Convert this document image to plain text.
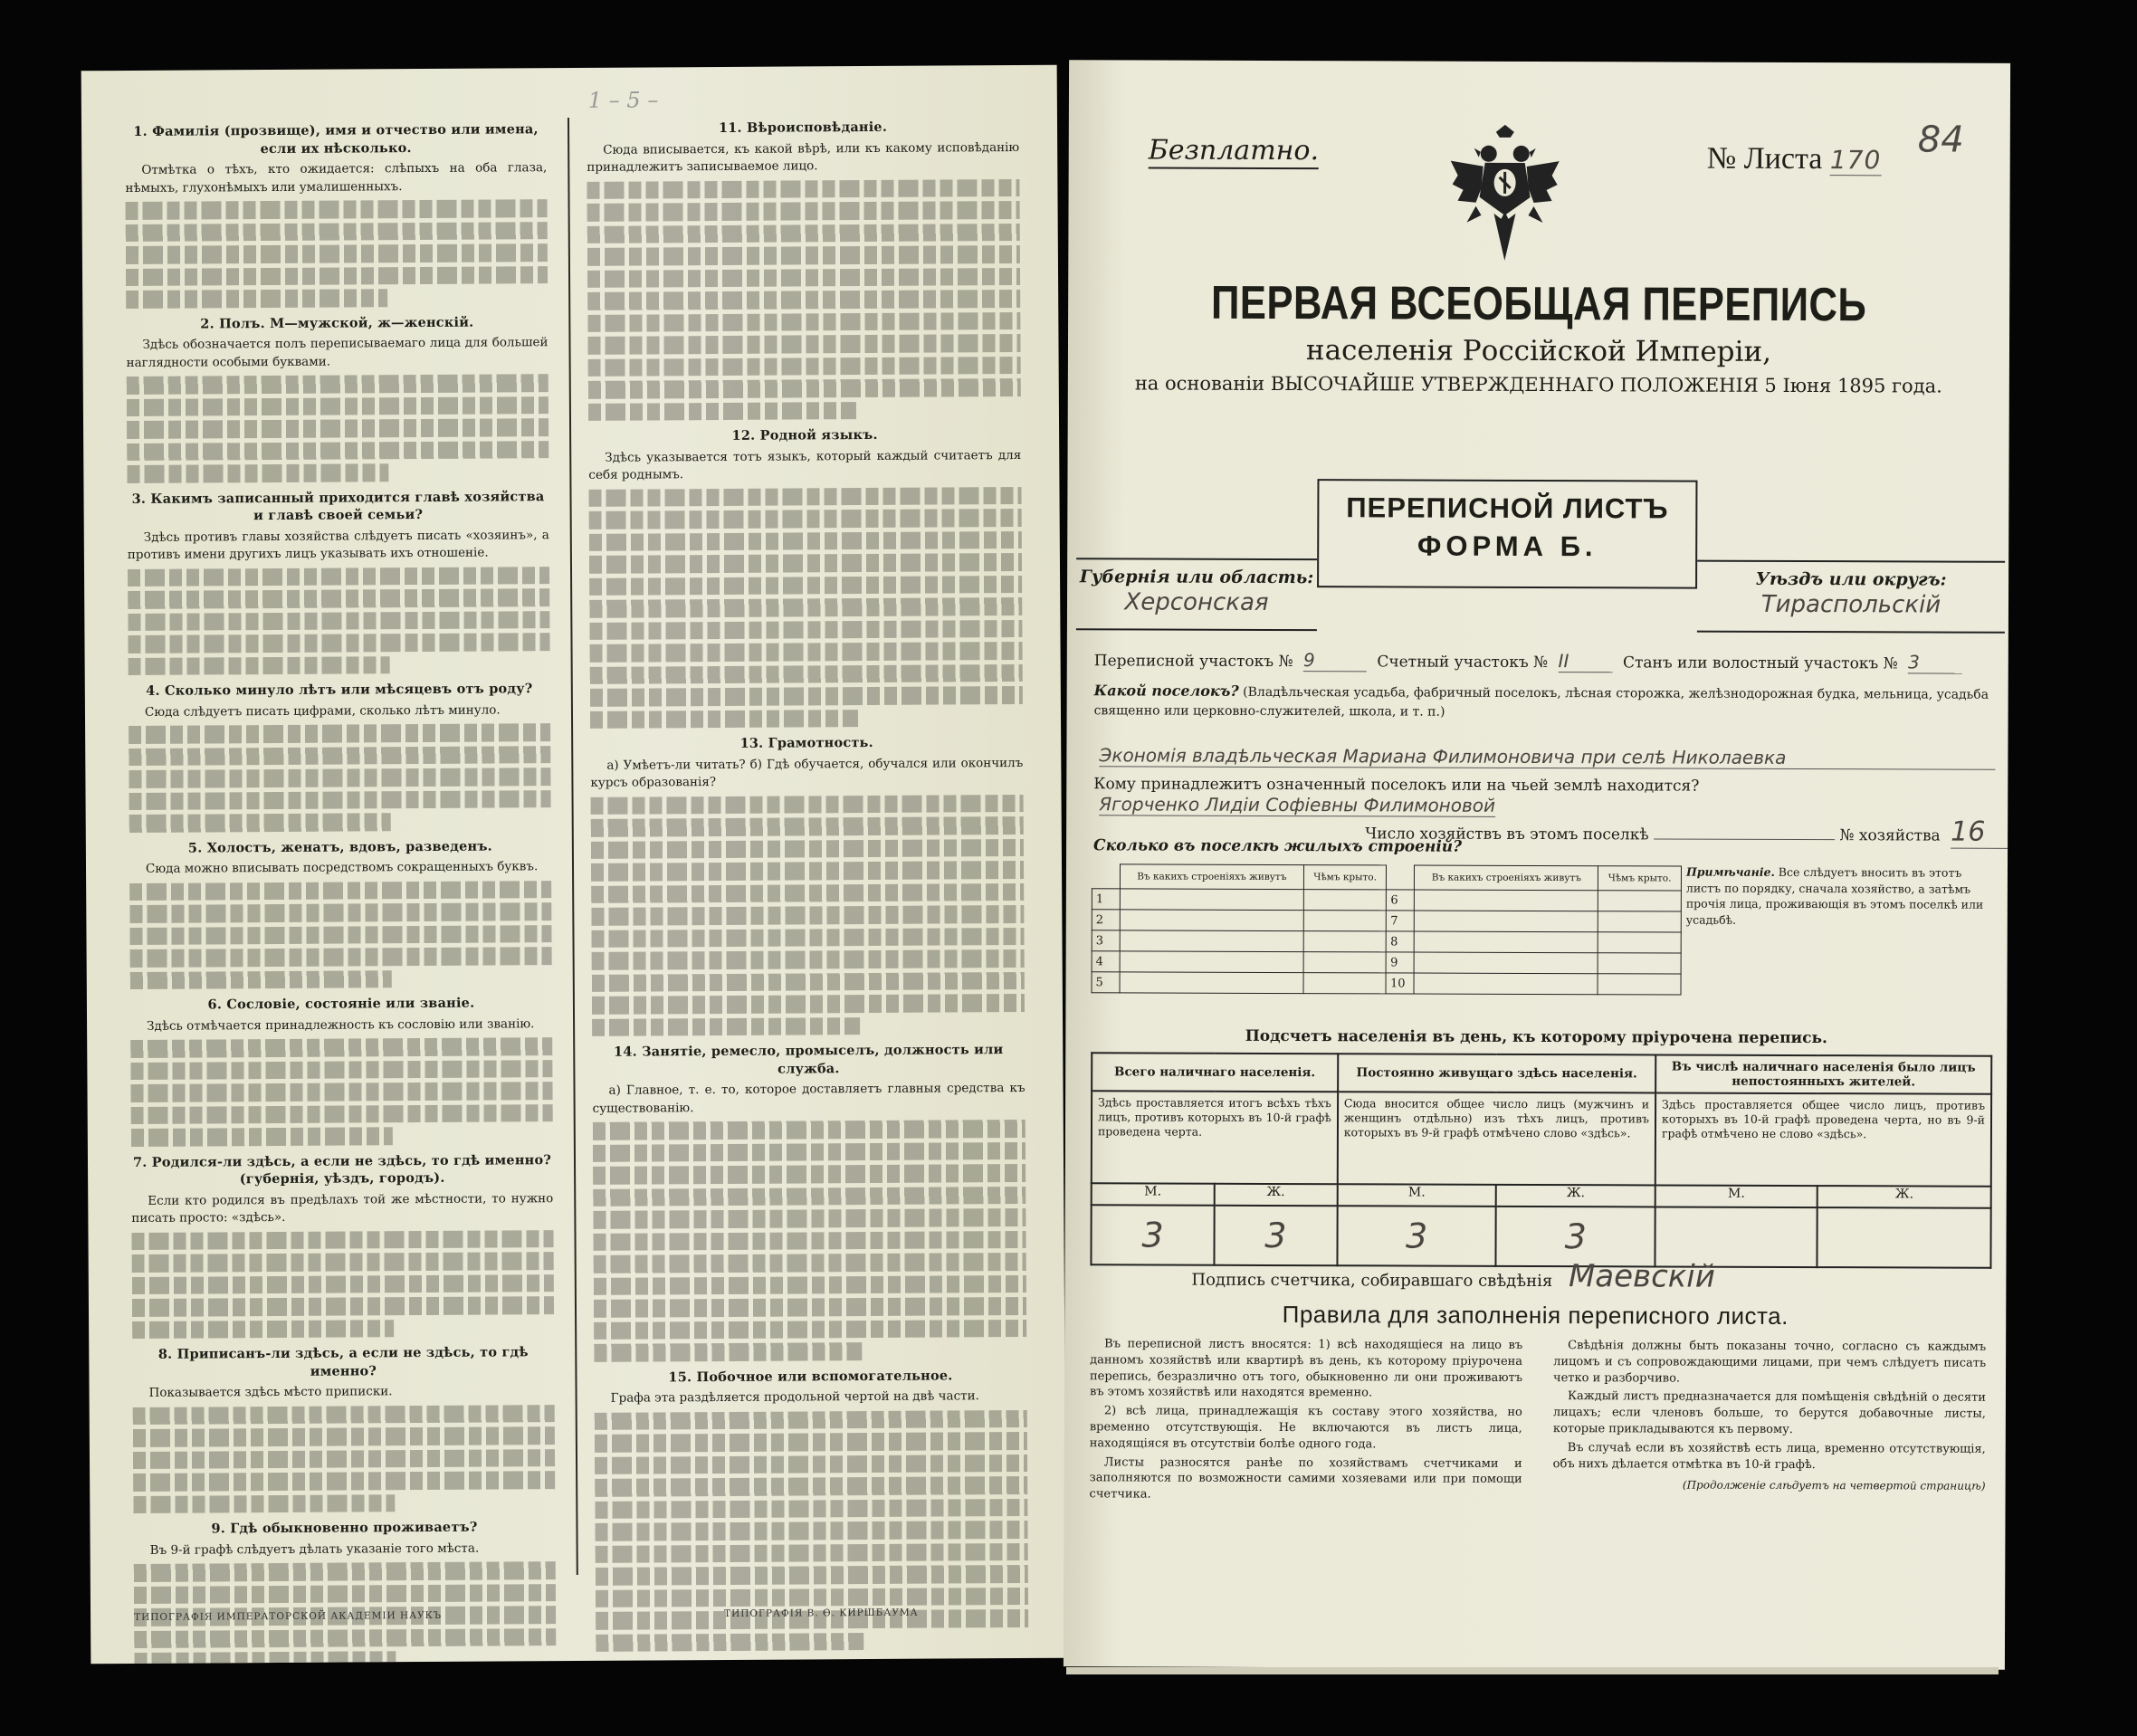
1 – 5 –
1. Фамилія (прозвище), имя и отчество или имена, если их нѣсколько.

Отмѣтка о тѣхъ, кто ожидается: слѣпыхъ на оба глаза, нѣмыхъ, глухонѣмыхъ или умалишенныхъ.

2. Полъ. М—мужской, ж—женскій.

Здѣсь обозначается полъ переписываемаго лица для большей наглядности особыми буквами.

3. Какимъ записанный приходится главѣ хозяйства и главѣ своей семьи?

Здѣсь противъ главы хозяйства слѣдуетъ писать «хозяинъ», а противъ имени другихъ лицъ указывать ихъ отношеніе.

4. Сколько минуло лѣтъ или мѣсяцевъ отъ роду?

Сюда слѣдуетъ писать цифрами, сколько лѣтъ минуло.

5. Холостъ, женатъ, вдовъ, разведенъ.

Сюда можно вписывать посредствомъ сокращенныхъ буквъ.

6. Сословіе, состояніе или званіе.

Здѣсь отмѣчается принадлежность къ сословію или званію.

7. Родился-ли здѣсь, а если не здѣсь, то гдѣ именно? (губернія, уѣздъ, городъ).

Если кто родился въ предѣлахъ той же мѣстности, то нужно писать просто: «здѣсь».

8. Приписанъ-ли здѣсь, а если не здѣсь, то гдѣ именно?

Показывается здѣсь мѣсто приписки.

9. Гдѣ обыкновенно проживаетъ?

Въ 9-й графѣ слѣдуетъ дѣлать указаніе того мѣста.

11. Вѣроисповѣданіе.

Сюда вписывается, къ какой вѣрѣ, или къ какому исповѣданію принадлежитъ записываемое лицо.

12. Родной языкъ.

Здѣсь указывается тотъ языкъ, который каждый считаетъ для себя роднымъ.

13. Грамотность.

а) Умѣетъ-ли читать? б) Гдѣ обучается, обучался или окончилъ курсъ образованія?

14. Занятіе, ремесло, промыселъ, должность или служба.

а) Главное, т. е. то, которое доставляетъ главныя средства къ существованію.

15. Побочное или вспомогательное.

Графа эта раздѣляется продольной чертой на двѣ части.

ТИПОГРАФІЯ ИМПЕРАТОРСКОЙ АКАДЕМІИ НАУКЪ	ТИПОГРАФІЯ В. Ѳ. КИРШБАУМА
Безплатно.	№ Листа 170 84
ПЕРВАЯ ВСЕОБЩАЯ ПЕРЕПИСЬ
населенія Россійской Имперіи,
на основаніи ВЫСОЧАЙШЕ УТВЕРЖДЕННАГО ПОЛОЖЕНІЯ 5 Іюня 1895 года.
Губернія или область:
Херсонская
ПЕРЕПИСНОЙ ЛИСТЪ
ФОРМА Б.
Уѣздъ или округъ:
Тираспольскій
Переписной участокъ № 9	Счетный участокъ № II	Станъ или волостный участокъ № 3
Какой поселокъ? (Владѣльческая усадьба, фабричный поселокъ, лѣсная сторожка, желѣзнодорожная будка, мельница, усадьба священно или церковно-служителей, школа, и т. п.)
Экономія владѣльческая Мариана Филимоновича при селѣ Николаевка
Кому принадлежитъ означенный поселокъ или на чьей землѣ находится? Ягорченко Лидіи Софіевны Филимоновой
Число хозяйствъ въ этомъ поселкѣ	№ хозяйства 16
Сколько въ поселкѣ жилыхъ строеній?
	Въ какихъ строеніяхъ живутъ	Чѣмъ крыто.		Въ какихъ строеніяхъ живутъ	Чѣмъ крыто.
1			6		
2			7		
3			8		
4			9		
5			10		
Примѣчаніе. Все слѣдуетъ вносить въ этотъ листъ по порядку, сначала хозяйство, а затѣмъ прочія лица, проживающія въ этомъ поселкѣ или усадьбѣ.
Подсчетъ населенія въ день, къ которому пріурочена перепись.
Всего наличнаго населенія.		Постоянно живущаго здѣсь населенія.		Въ числѣ наличнаго населенія было лицъ непостоянныхъ жителей.	
Здѣсь проставляется итогъ всѣхъ тѣхъ лицъ, противъ которыхъ въ 10-й графѣ проведена черта.		Сюда вносится общее число лицъ (мужчинъ и женщинъ отдѣльно) изъ тѣхъ лицъ, противъ которыхъ въ 9-й графѣ отмѣчено слово «здѣсь».		Здѣсь проставляется общее число лицъ, противъ которыхъ въ 10-й графѣ проведена черта, но въ 9-й графѣ отмѣчено не слово «здѣсь».	
М.	Ж.	М.	Ж.	М.	Ж.
3	3	3	3		
Подпись счетчика, собиравшаго свѣдѣнія Маевскій
Правила для заполненія переписного листа.

Въ переписной листъ вносятся: 1) всѣ находящіеся на лицо въ данномъ хозяйствѣ или квартирѣ въ день, къ которому пріурочена перепись, безразлично отъ того, обыкновенно ли они проживаютъ въ этомъ хозяйствѣ или находятся временно.

2) всѣ лица, принадлежащія къ составу этого хозяйства, но временно отсутствующія. Не включаются въ листъ лица, находящіяся въ отсутствіи болѣе одного года.

Листы разносятся ранѣе по хозяйствамъ счетчиками и заполняются по возможности самими хозяевами или при помощи счетчика.

Свѣдѣнія должны быть показаны точно, согласно съ каждымъ лицомъ и съ сопровождающими лицами, при чемъ слѣдуетъ писать четко и разборчиво.

Каждый листъ предназначается для помѣщенія свѣдѣній о десяти лицахъ; если членовъ больше, то берутся добавочные листы, которые прикладываются къ первому.

Въ случаѣ если въ хозяйствѣ есть лица, временно отсутствующія, объ нихъ дѣлается отмѣтка въ 10-й графѣ.

(Продолженіе слѣдуетъ на четвертой страницѣ)
